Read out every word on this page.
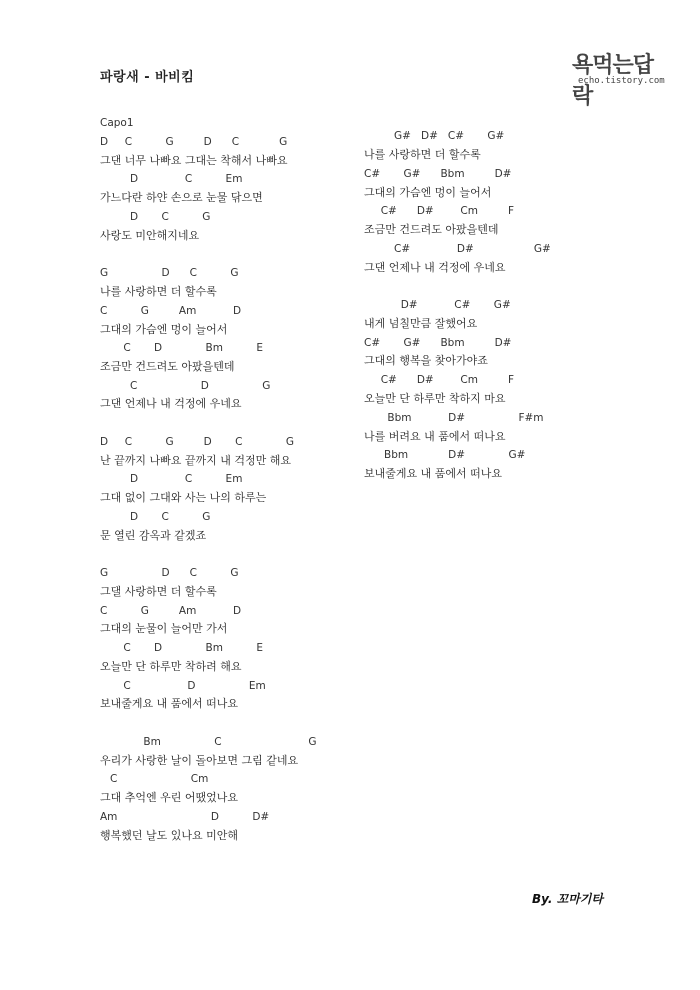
파랑새 - 바비킴	욕먹는답락
echo.tistory.com
Capo1
D     C          G         D      C            G
그댄 너무 나빠요 그대는 착해서 나빠요
D              C          Em
가느다란 하얀 손으로 눈물 닦으면
D       C          G
사랑도 미안해지네요
G                D      C          G
나를 사랑하면 더 할수록
C          G         Am           D
그대의 가슴엔 멍이 늘어서
C       D             Bm          E
조금만 건드려도 아팠을텐데
C                   D                G
그댄 언제나 내 걱정에 우네요
D     C          G         D       C             G
난 끝까지 나빠요 끝까지 내 걱정만 해요
D              C          Em
그대 없이 그대와 사는 나의 하루는
D       C          G
문 열린 감옥과 같겠죠
G                D      C          G
그댈 사랑하면 더 할수록
C          G         Am           D
그대의 눈물이 늘어만 가서
C       D             Bm          E
오늘만 단 하루만 착하려 해요
C                 D                Em
보내줄게요 내 품에서 떠나요
Bm                C                          G
우리가 사랑한 날이 돌아보면 그림 같네요
C                      Cm
그대 추억엔 우린 어땠었나요
Am                            D          D#
행복했던 날도 있나요 미안해
G#   D#   C#       G#
나를 사랑하면 더 할수록
C#       G#      Bbm         D#
그대의 가슴엔 멍이 늘어서
C#      D#        Cm         F
조금만 건드려도 아팠을텐데
C#              D#                  G#
그댄 언제나 내 걱정에 우네요
D#           C#       G#
내게 넘칠만큼 잘했어요
C#       G#      Bbm         D#
그대의 행복을 찾아가야죠
C#      D#        Cm         F
오늘만 단 하루만 착하지 마요
Bbm           D#                F#m
나를 버려요 내 품에서 떠나요
Bbm            D#             G#
보내줄게요 내 품에서 떠나요
By. 꼬마기타
